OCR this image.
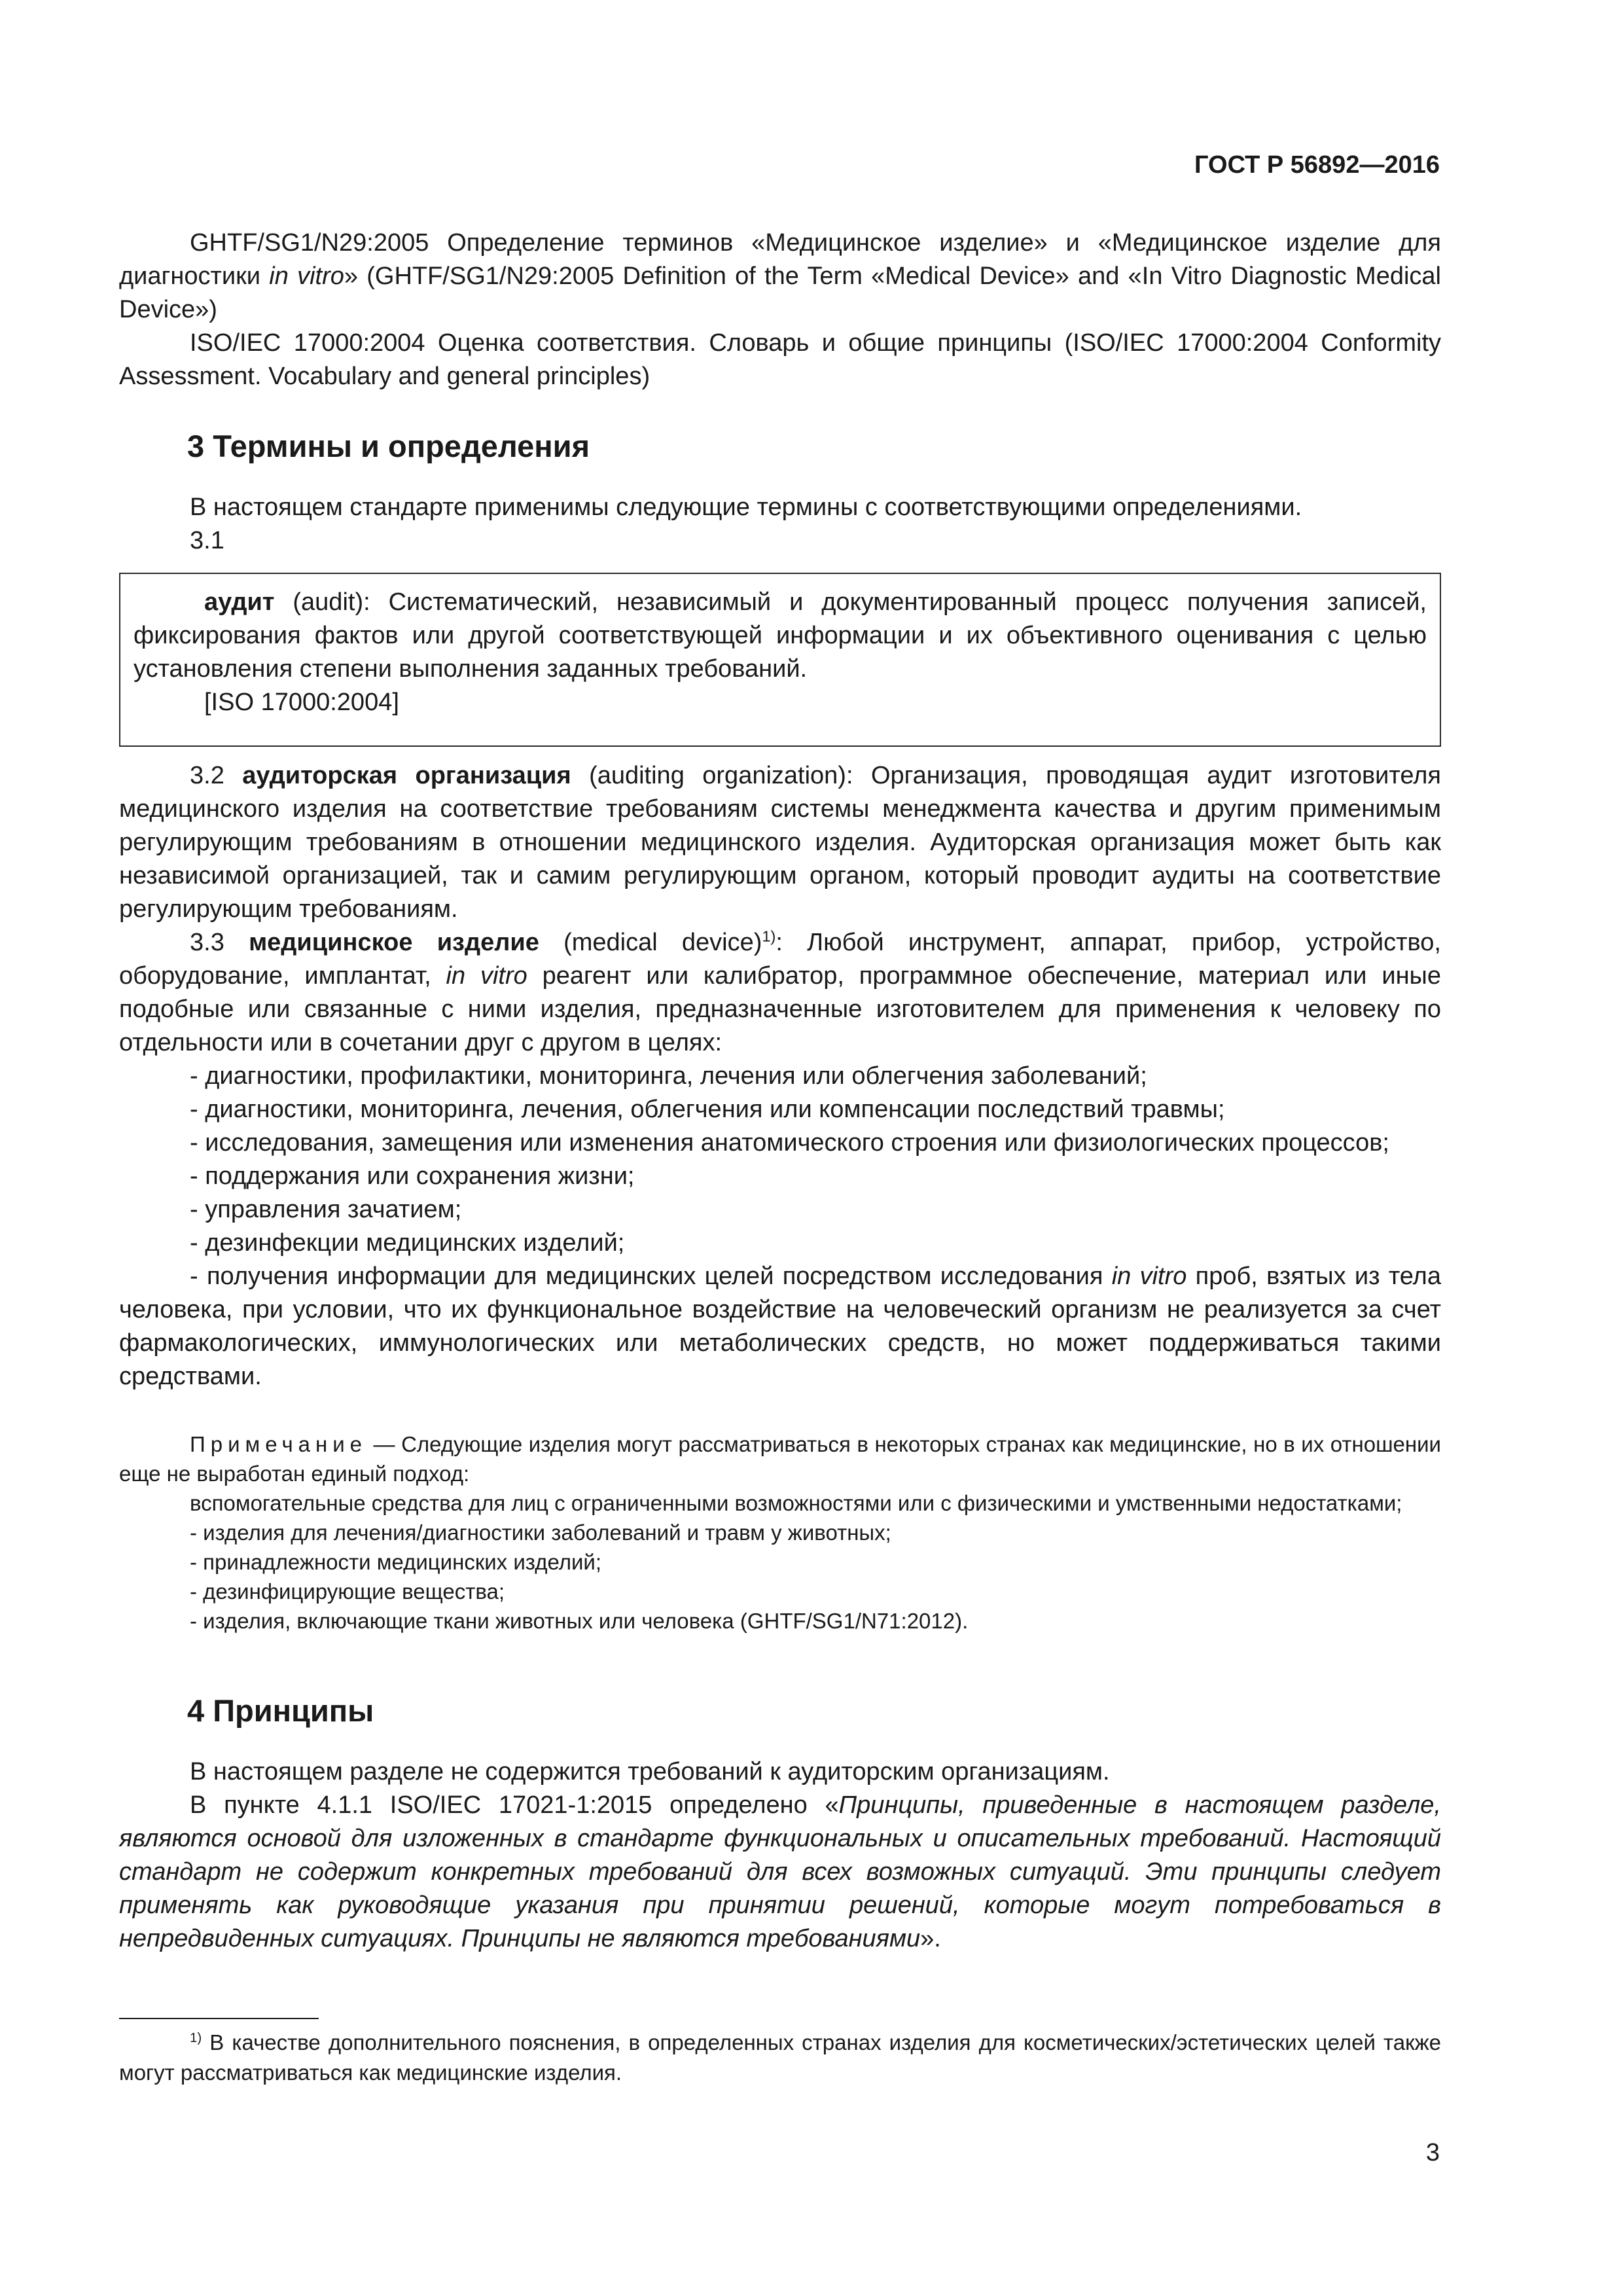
ГОСТ Р 56892—2016

GHTF/SG1/N29:2005 Определение терминов «Медицинское изделие» и «Медицинское изделие для диагностики in vitro» (GHTF/SG1/N29:2005 Definition of the Term «Medical Device» and «In Vitro Diagnostic Medical Device»)

ISO/IEC 17000:2004 Оценка соответствия. Словарь и общие принципы (ISO/IEC 17000:2004 Conformity Assessment. Vocabulary and general principles)

3 Термины и определения

В настоящем стандарте применимы следующие термины с соответствующими определениями.

3.1

аудит (audit): Систематический, независимый и документированный процесс получения записей, фиксирования фактов или другой соответствующей информации и их объективного оценивания с целью установления степени выполнения заданных требований.

[ISO 17000:2004]

3.2 аудиторская организация (auditing organization): Организация, проводящая аудит изготовителя медицинского изделия на соответствие требованиям системы менеджмента качества и другим применимым регулирующим требованиям в отношении медицинского изделия. Аудиторская организация может быть как независимой организацией, так и самим регулирующим органом, который проводит аудиты на соответствие регулирующим требованиям.

3.3 медицинское изделие (medical device)$^{1)}$: Любой инструмент, аппарат, прибор, устройство, оборудование, имплантат, in vitro реагент или калибратор, программное обеспечение, материал или иные подобные или связанные с ними изделия, предназначенные изготовителем для применения к человеку по отдельности или в сочетании друг с другом в целях:

- диагностики, профилактики, мониторинга, лечения или облегчения заболеваний;

- диагностики, мониторинга, лечения, облегчения или компенсации последствий травмы;

- исследования, замещения или изменения анатомического строения или физиологических процессов;

- поддержания или сохранения жизни;

- управления зачатием;

- дезинфекции медицинских изделий;

- получения информации для медицинских целей посредством исследования in vitro проб, взятых из тела человека, при условии, что их функциональное воздействие на человеческий организм не реализуется за счет фармакологических, иммунологических или метаболических средств, но может поддерживаться такими средствами.

Примечание — Следующие изделия могут рассматриваться в некоторых странах как медицинские, но в их отношении еще не выработан единый подход:

вспомогательные средства для лиц с ограниченными возможностями или с физическими и умственными недостатками;

- изделия для лечения/диагностики заболеваний и травм у животных;

- принадлежности медицинских изделий;

- дезинфицирующие вещества;

- изделия, включающие ткани животных или человека (GHTF/SG1/N71:2012).

4 Принципы

В настоящем разделе не содержится требований к аудиторским организациям.

В пункте 4.1.1 ISO/IEC 17021-1:2015 определено «Принципы, приведенные в настоящем разделе, являются основой для изложенных в стандарте функциональных и описательных требований. Настоящий стандарт не содержит конкретных требований для всех возможных ситуаций. Эти принципы следует применять как руководящие указания при принятии решений, которые могут потребоваться в непредвиденных ситуациях. Принципы не являются требованиями».

$^{1)}$ В качестве дополнительного пояснения, в определенных странах изделия для косметических/эстетических целей также могут рассматриваться как медицинские изделия.

3
